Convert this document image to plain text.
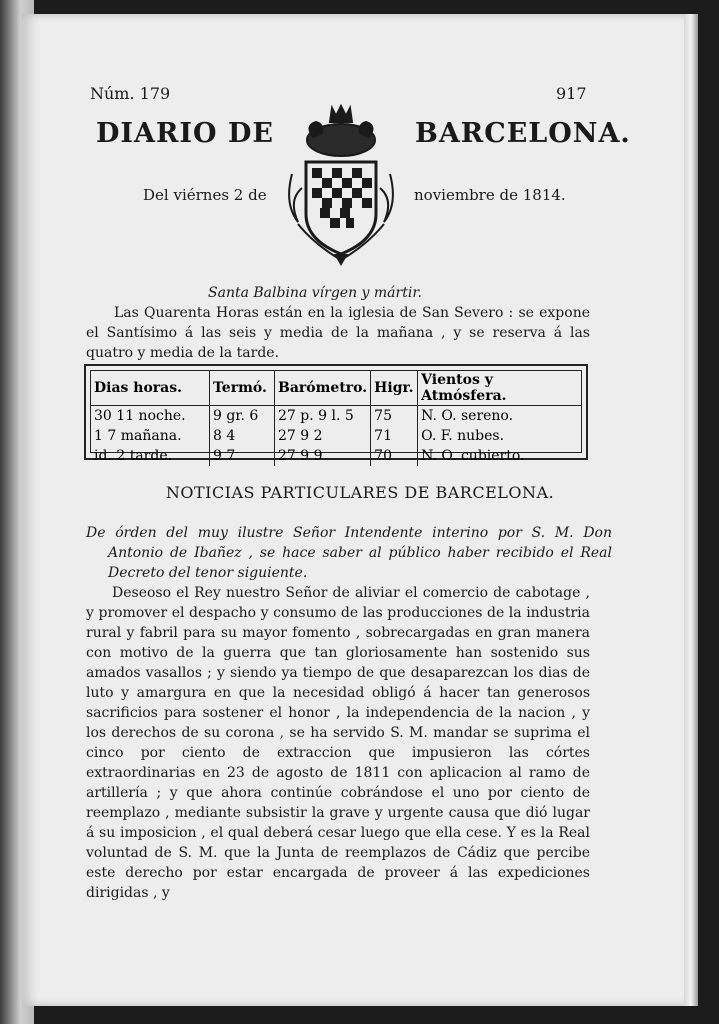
Núm. 179	917
DIARIO DE	BARCELONA.
Del viérnes 2 de	noviembre de 1814.
Santa Balbina vírgen y mártir.
Las Quarenta Horas están en la iglesia de San Severo : se expone el Santísimo á las seis y media de la mañana , y se reserva á las quatro y media de la tarde.
Dias horas.	Termó.	Barómetro.	Higr.	Vientos y Atmósfera.
30 11 noche.	9 gr. 6	27 p. 9 l. 5	75	N. O. sereno.
1 7 mañana.	8 4	27 9 2	71	O. F. nubes.
id. 2 tarde.	9 7	27 9 9	70	N. O. cubierto.
NOTICIAS PARTICULARES DE BARCELONA.
De órden del muy ilustre Señor Intendente interino por S. M. Don Antonio de Ibañez , se hace saber al público haber recibido el Real Decreto del tenor siguiente.
Deseoso el Rey nuestro Señor de aliviar el comercio de cabotage , y promover el despacho y consumo de las producciones de la industria rural y fabril para su mayor fomento , sobrecargadas en gran manera con motivo de la guerra que tan gloriosamente han sostenido sus amados vasallos ; y siendo ya tiempo de que desaparezcan los dias de luto y amargura en que la necesidad obligó á hacer tan generosos sacrificios para sostener el honor , la independencia de la nacion , y los derechos de su corona , se ha servido S. M. mandar se suprima el cinco por ciento de extraccion que impusieron las córtes extraordinarias en 23 de agosto de 1811 con aplicacion al ramo de artillería ; y que ahora continúe cobrándose el uno por ciento de reemplazo , mediante subsistir la grave y urgente causa que dió lugar á su imposicion , el qual deberá cesar luego que ella cese. Y es la Real voluntad de S. M. que la Junta de reemplazos de Cádiz que percibe este derecho por estar encargada de proveer á las expediciones dirigidas , y
